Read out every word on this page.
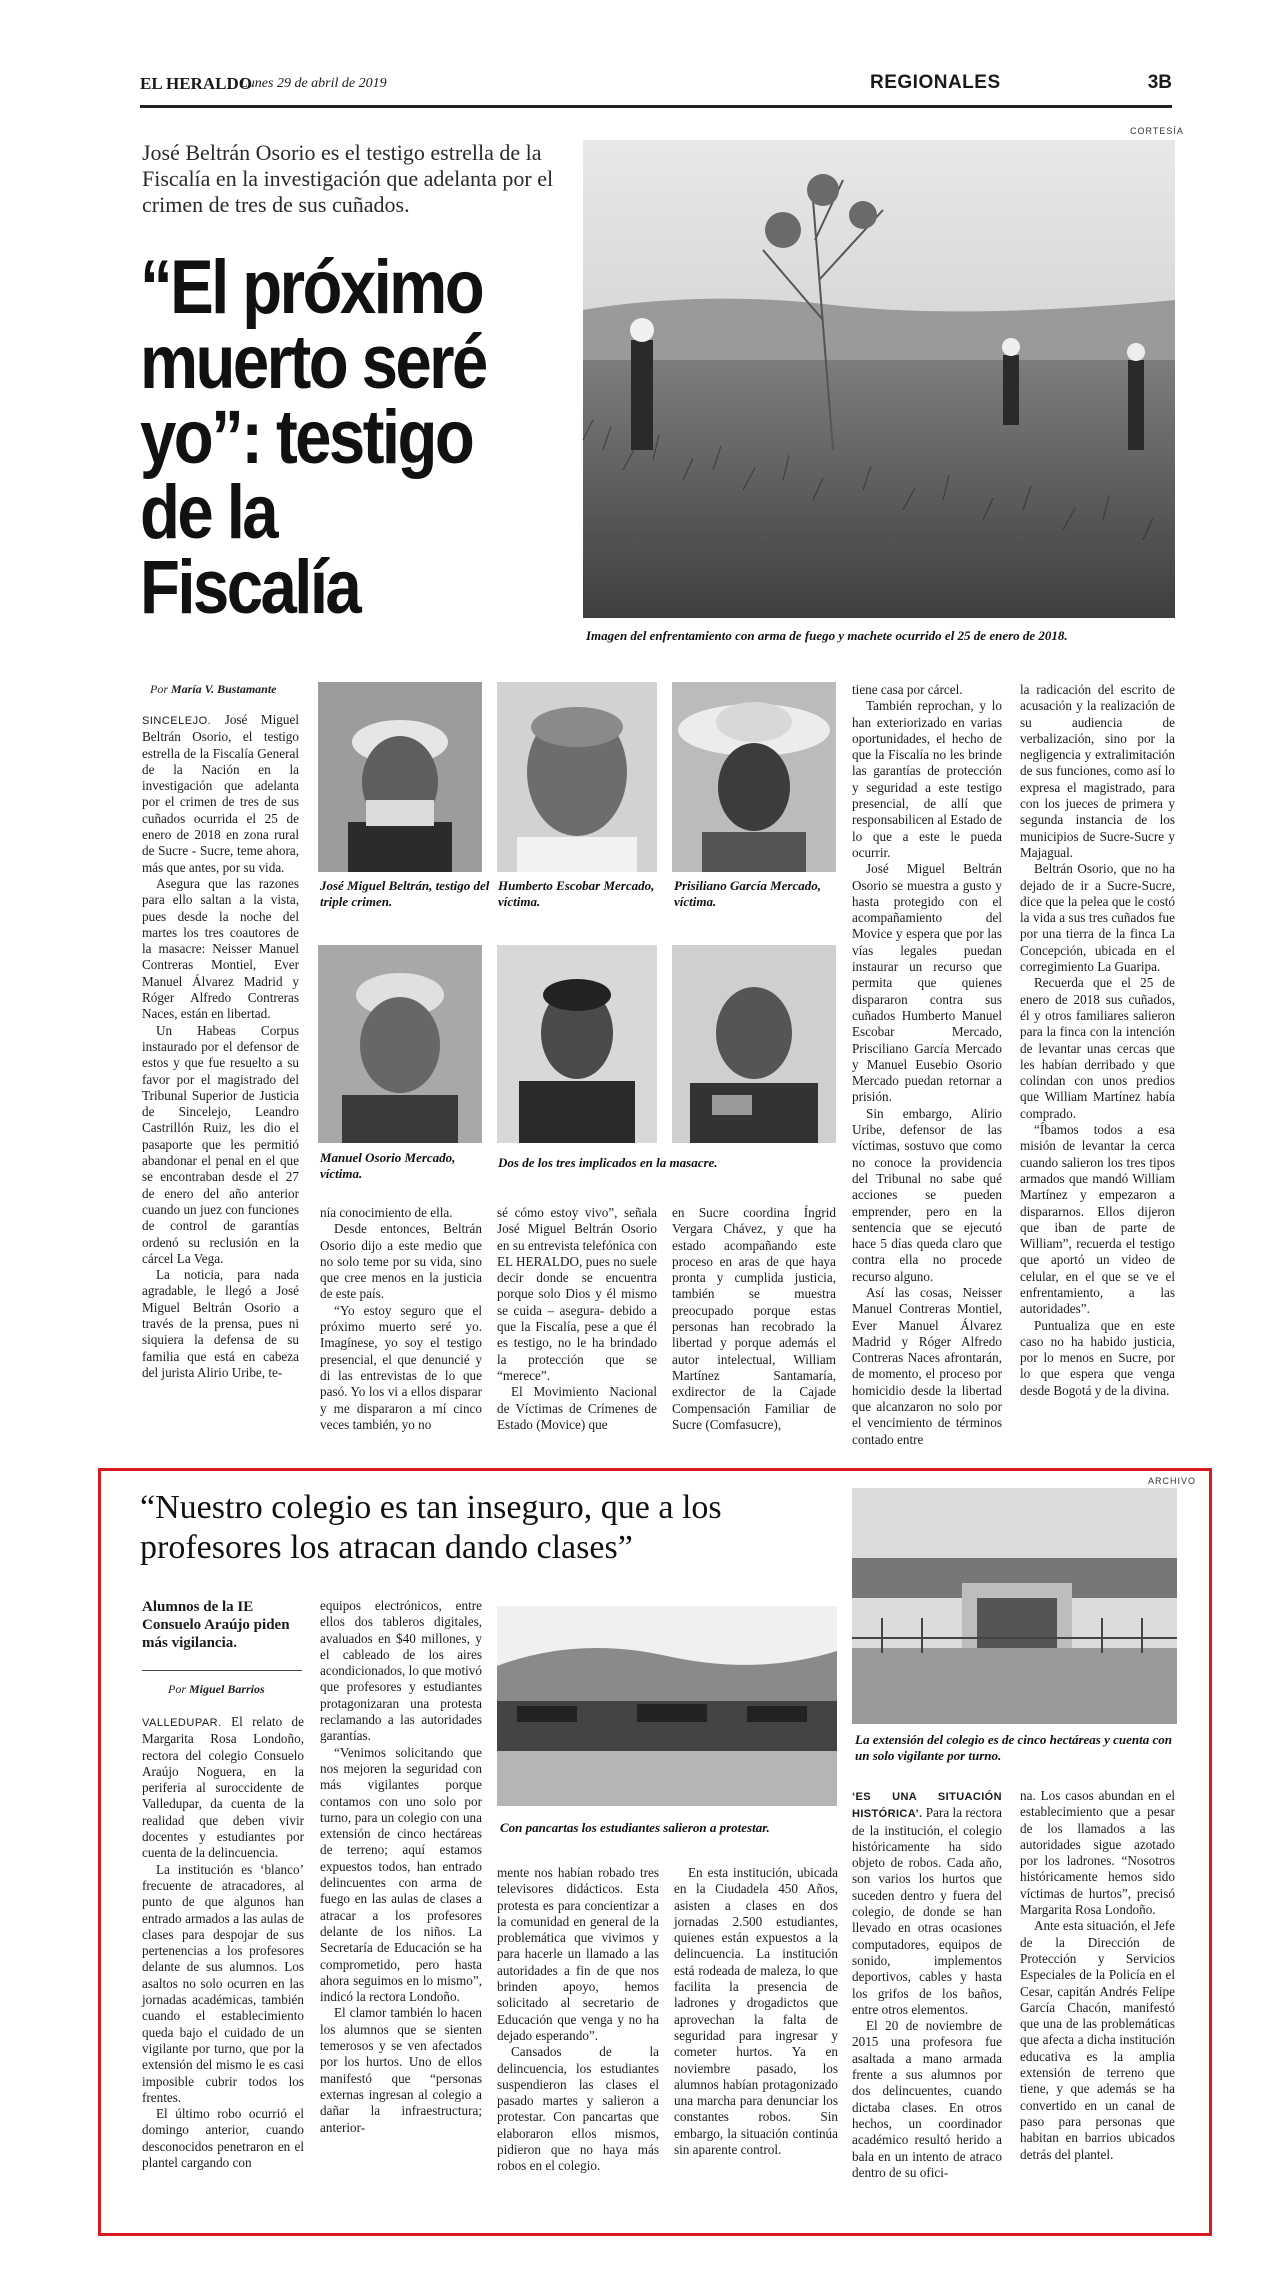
EL HERALDO
Lunes 29 de abril de 2019	REGIONALES	3B
José Beltrán Osorio es el testigo estrella de la Fiscalía en la investigación que adelanta por el crimen de tres de sus cuñados.
“El próximo muerto seré yo”: testigo de la Fiscalía
CORTESÍA
Imagen del enfrentamiento con arma de fuego y machete ocurrido el 25 de enero de 2018.
Por María V. Bustamante

SINCELEJO. José Miguel Beltrán Osorio, el testigo estrella de la Fiscalía General de la Nación en la investigación que adelanta por el crimen de tres de sus cuñados ocurrida el 25 de enero de 2018 en zona rural de Sucre - Sucre, teme ahora, más que antes, por su vida.

Asegura que las razones para ello saltan a la vista, pues desde la noche del martes los tres coautores de la masacre: Neisser Manuel Contreras Montiel, Ever Manuel Álvarez Madrid y Róger Alfredo Contreras Naces, están en libertad.

Un Habeas Corpus instaurado por el defensor de estos y que fue resuelto a su favor por el magistrado del Tribunal Superior de Justicia de Sincelejo, Leandro Castrillón Ruiz, les dio el pasaporte que les permitió abandonar el penal en el que se encontraban desde el 27 de enero del año anterior cuando un juez con funciones de control de garantías ordenó su reclusión en la cárcel La Vega.

La noticia, para nada agradable, le llegó a José Miguel Beltrán Osorio a través de la prensa, pues ni siquiera la defensa de su familia que está en cabeza del jurista Alirio Uribe, te-

José Miguel Beltrán, testigo del triple crimen.
Humberto Escobar Mercado, víctima.
Prisiliano García Mercado, víctima.
Manuel Osorio Mercado, víctima.
Dos de los tres implicados en la masacre.

nía conocimiento de ella.

Desde entonces, Beltrán Osorio dijo a este medio que no solo teme por su vida, sino que cree menos en la justicia de este país.

“Yo estoy seguro que el próximo muerto seré yo. Imagínese, yo soy el testigo presencial, el que denuncié y di las entrevistas de lo que pasó. Yo los vi a ellos disparar y me dispararon a mí cinco veces también, yo no

sé cómo estoy vivo”, señala José Miguel Beltrán Osorio en su entrevista telefónica con EL HERALDO, pues no suele decir donde se encuentra porque solo Dios y él mismo se cuida – asegura- debido a que la Fiscalía, pese a que él es testigo, no le ha brindado la protección que se “merece”.

El Movimiento Nacional de Víctimas de Crímenes de Estado (Movice) que

en Sucre coordina Íngrid Vergara Chávez, y que ha estado acompañando este proceso en aras de que haya pronta y cumplida justicia, también se muestra preocupado porque estas personas han recobrado la libertad y porque además el autor intelectual, William Martínez Santamaría, exdirector de la Cajade Compensación Familiar de Sucre (Comfasucre),

tiene casa por cárcel.

También reprochan, y lo han exteriorizado en varias oportunidades, el hecho de que la Fiscalía no les brinde las garantías de protección y seguridad a este testigo presencial, de allí que responsabilicen al Estado de lo que a este le pueda ocurrir.

José Miguel Beltrán Osorio se muestra a gusto y hasta protegido con el acompañamiento del Movice y espera que por las vías legales puedan instaurar un recurso que permita que quienes dispararon contra sus cuñados Humberto Manuel Escobar Mercado, Prisciliano García Mercado y Manuel Eusebio Osorio Mercado puedan retornar a prisión.

Sin embargo, Alirio Uribe, defensor de las víctimas, sostuvo que como no conoce la providencia del Tribunal no sabe qué acciones se pueden emprender, pero en la sentencia que se ejecutó hace 5 días queda claro que contra ella no procede recurso alguno.

Así las cosas, Neisser Manuel Contreras Montiel, Ever Manuel Álvarez Madrid y Róger Alfredo Contreras Naces afrontarán, de momento, el proceso por homicidio desde la libertad que alcanzaron no solo por el vencimiento de términos contado entre

la radicación del escrito de acusación y la realización de su audiencia de verbalización, sino por la negligencia y extralimitación de sus funciones, como así lo expresa el magistrado, para con los jueces de primera y segunda instancia de los municipios de Sucre-Sucre y Majagual.

Beltrán Osorio, que no ha dejado de ir a Sucre-Sucre, dice que la pelea que le costó la vida a sus tres cuñados fue por una tierra de la finca La Concepción, ubicada en el corregimiento La Guaripa.

Recuerda que el 25 de enero de 2018 sus cuñados, él y otros familiares salieron para la finca con la intención de levantar unas cercas que les habían derribado y que colindan con unos predios que William Martínez había comprado.

“Íbamos todos a esa misión de levantar la cerca cuando salieron los tres tipos armados que mandó William Martínez y empezaron a dispararnos. Ellos dijeron que iban de parte de William”, recuerda el testigo que aportó un video de celular, en el que se ve el enfrentamiento, a las autoridades”.

Puntualiza que en este caso no ha habido justicia, por lo menos en Sucre, por lo que espera que venga desde Bogotá y de la divina.

“Nuestro colegio es tan inseguro, que a los profesores los atracan dando clases”
ARCHIVO
La extensión del colegio es de cinco hectáreas y cuenta con un solo vigilante por turno.
Alumnos de la IE Consuelo Araújo piden más vigilancia.
Por Miguel Barrios

VALLEDUPAR. El relato de Margarita Rosa Londoño, rectora del colegio Consuelo Araújo Noguera, en la periferia al suroccidente de Valledupar, da cuenta de la realidad que deben vivir docentes y estudiantes por cuenta de la delincuencia.

La institución es ‘blanco’ frecuente de atracadores, al punto de que algunos han entrado armados a las aulas de clases para despojar de sus pertenencias a los profesores delante de sus alumnos. Los asaltos no solo ocurren en las jornadas académicas, también cuando el establecimiento queda bajo el cuidado de un vigilante por turno, que por la extensión del mismo le es casi imposible cubrir todos los frentes.

El último robo ocurrió el domingo anterior, cuando desconocidos penetraron en el plantel cargando con

equipos electrónicos, entre ellos dos tableros digitales, avaluados en $40 millones, y el cableado de los aires acondicionados, lo que motivó que profesores y estudiantes protagonizaran una protesta reclamando a las autoridades garantías.

“Venimos solicitando que nos mejoren la seguridad con más vigilantes porque contamos con uno solo por turno, para un colegio con una extensión de cinco hectáreas de terreno; aquí estamos expuestos todos, han entrado delincuentes con arma de fuego en las aulas de clases a atracar a los profesores delante de los niños. La Secretaría de Educación se ha comprometido, pero hasta ahora seguimos en lo mismo”, indicó la rectora Londoño.

El clamor también lo hacen los alumnos que se sienten temerosos y se ven afectados por los hurtos. Uno de ellos manifestó que “personas externas ingresan al colegio a dañar la infraestructura; anterior-

Con pancartas los estudiantes salieron a protestar.

mente nos habían robado tres televisores didácticos. Esta protesta es para concientizar a la comunidad en general de la problemática que vivimos y para hacerle un llamado a las autoridades a fin de que nos brinden apoyo, hemos solicitado al secretario de Educación que venga y no ha dejado esperando”.

Cansados de la delincuencia, los estudiantes suspendieron las clases el pasado martes y salieron a protestar. Con pancartas que elaboraron ellos mismos, pidieron que no haya más robos en el colegio.

En esta institución, ubicada en la Ciudadela 450 Años, asisten a clases en dos jornadas 2.500 estudiantes, quienes están expuestos a la delincuencia. La institución está rodeada de maleza, lo que facilita la presencia de ladrones y drogadictos que aprovechan la falta de seguridad para ingresar y cometer hurtos. Ya en noviembre pasado, los alumnos habían protagonizado una marcha para denunciar los constantes robos. Sin embargo, la situación continúa sin aparente control.

‘ES UNA SITUACIÓN HISTÓRICA’. Para la rectora de la institución, el colegio históricamente ha sido objeto de robos. Cada año, son varios los hurtos que suceden dentro y fuera del colegio, de donde se han llevado en otras ocasiones computadores, equipos de sonido, implementos deportivos, cables y hasta los grifos de los baños, entre otros elementos.

El 20 de noviembre de 2015 una profesora fue asaltada a mano armada frente a sus alumnos por dos delincuentes, cuando dictaba clases. En otros hechos, un coordinador académico resultó herido a bala en un intento de atraco dentro de su ofici-

na. Los casos abundan en el establecimiento que a pesar de los llamados a las autoridades sigue azotado por los ladrones. “Nosotros históricamente hemos sido víctimas de hurtos”, precisó Margarita Rosa Londoño.

Ante esta situación, el Jefe de la Dirección de Protección y Servicios Especiales de la Policía en el Cesar, capitán Andrés Felipe García Chacón, manifestó que una de las problemáticas que afecta a dicha institución educativa es la amplia extensión de terreno que tiene, y que además se ha convertido en un canal de paso para personas que habitan en barrios ubicados detrás del plantel.
